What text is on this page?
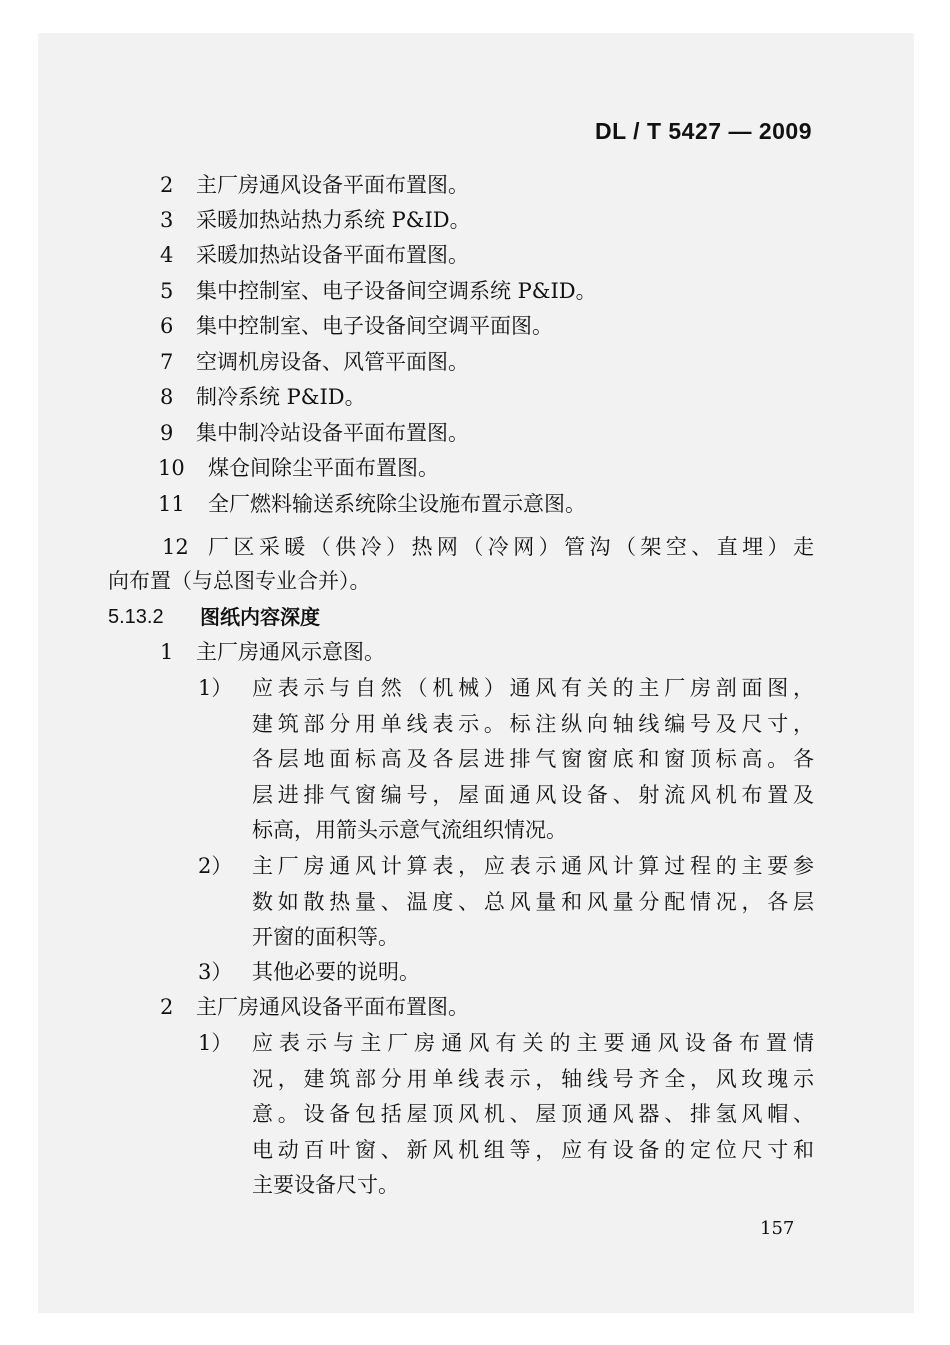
DL / T 5427 — 2009
2 主厂房通风设备平面布置图。
3 采暖加热站热力系统 P&ID。
4 采暖加热站设备平面布置图。
5 集中控制室、电子设备间空调系统 P&ID。
6 集中控制室、电子设备间空调平面图。
7 空调机房设备、风管平面图。
8 制冷系统 P&ID。
9 集中制冷站设备平面布置图。
10 煤仓间除尘平面布置图。
11 全厂燃料输送系统除尘设施布置示意图。
12 厂区采暖（供冷）热网（冷网）管沟（架空、直埋）走
向布置（与总图专业合并）。
5.13.2 图纸内容深度
1 主厂房通风示意图。
1） 应表示与自然（机械）通风有关的主厂房剖面图，
建筑部分用单线表示。标注纵向轴线编号及尺寸，
各层地面标高及各层进排气窗窗底和窗顶标高。各
层进排气窗编号，屋面通风设备、射流风机布置及
标高，用箭头示意气流组织情况。
2） 主厂房通风计算表，应表示通风计算过程的主要参
数如散热量、温度、总风量和风量分配情况，各层
开窗的面积等。
3） 其他必要的说明。
2 主厂房通风设备平面布置图。
1） 应表示与主厂房通风有关的主要通风设备布置情
况，建筑部分用单线表示，轴线号齐全，风玫瑰示
意。设备包括屋顶风机、屋顶通风器、排氢风帽、
电动百叶窗、新风机组等，应有设备的定位尺寸和
主要设备尺寸。
157
